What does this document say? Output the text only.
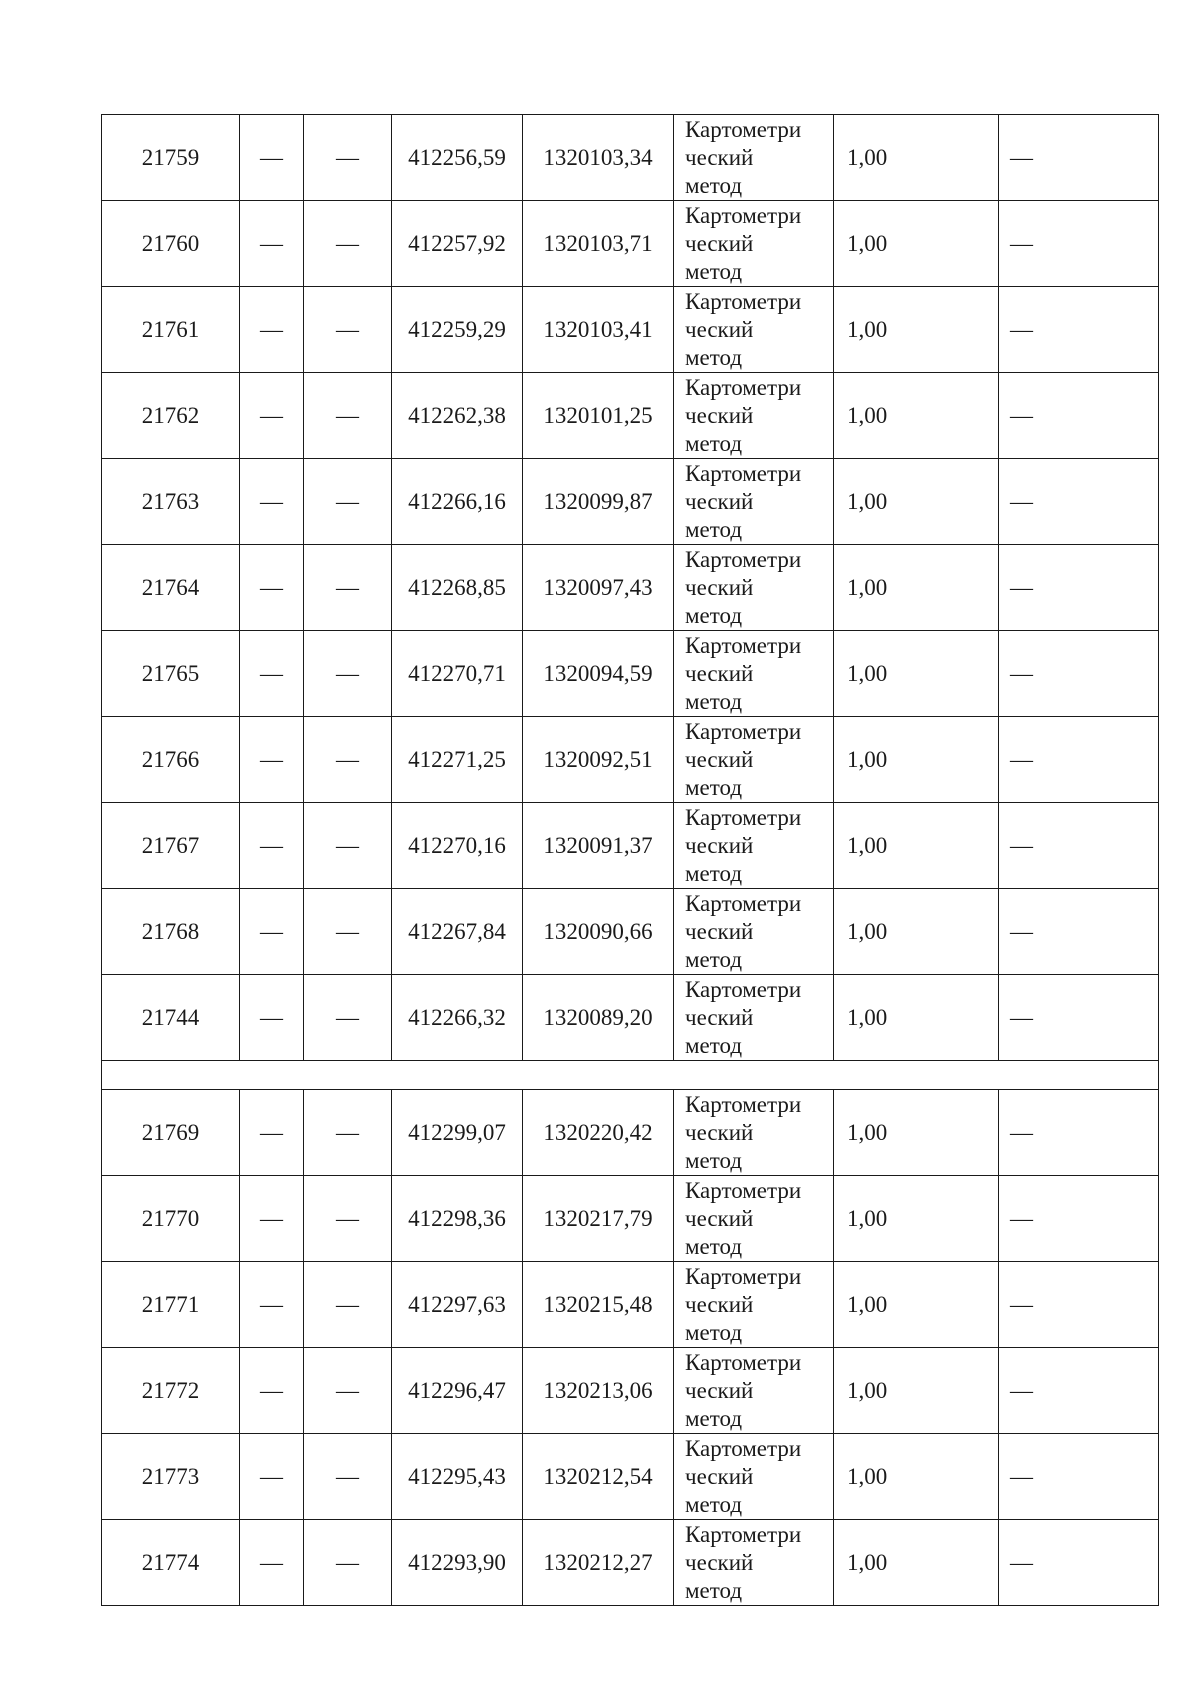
21759	—	—	412256,59	1320103,34	Картометри
ческий
метод	1,00	—
21760	—	—	412257,92	1320103,71	Картометри
ческий
метод	1,00	—
21761	—	—	412259,29	1320103,41	Картометри
ческий
метод	1,00	—
21762	—	—	412262,38	1320101,25	Картометри
ческий
метод	1,00	—
21763	—	—	412266,16	1320099,87	Картометри
ческий
метод	1,00	—
21764	—	—	412268,85	1320097,43	Картометри
ческий
метод	1,00	—
21765	—	—	412270,71	1320094,59	Картометри
ческий
метод	1,00	—
21766	—	—	412271,25	1320092,51	Картометри
ческий
метод	1,00	—
21767	—	—	412270,16	1320091,37	Картометри
ческий
метод	1,00	—
21768	—	—	412267,84	1320090,66	Картометри
ческий
метод	1,00	—
21744	—	—	412266,32	1320089,20	Картометри
ческий
метод	1,00	—

21769	—	—	412299,07	1320220,42	Картометри
ческий
метод	1,00	—
21770	—	—	412298,36	1320217,79	Картометри
ческий
метод	1,00	—
21771	—	—	412297,63	1320215,48	Картометри
ческий
метод	1,00	—
21772	—	—	412296,47	1320213,06	Картометри
ческий
метод	1,00	—
21773	—	—	412295,43	1320212,54	Картометри
ческий
метод	1,00	—
21774	—	—	412293,90	1320212,27	Картометри
ческий
метод	1,00	—
